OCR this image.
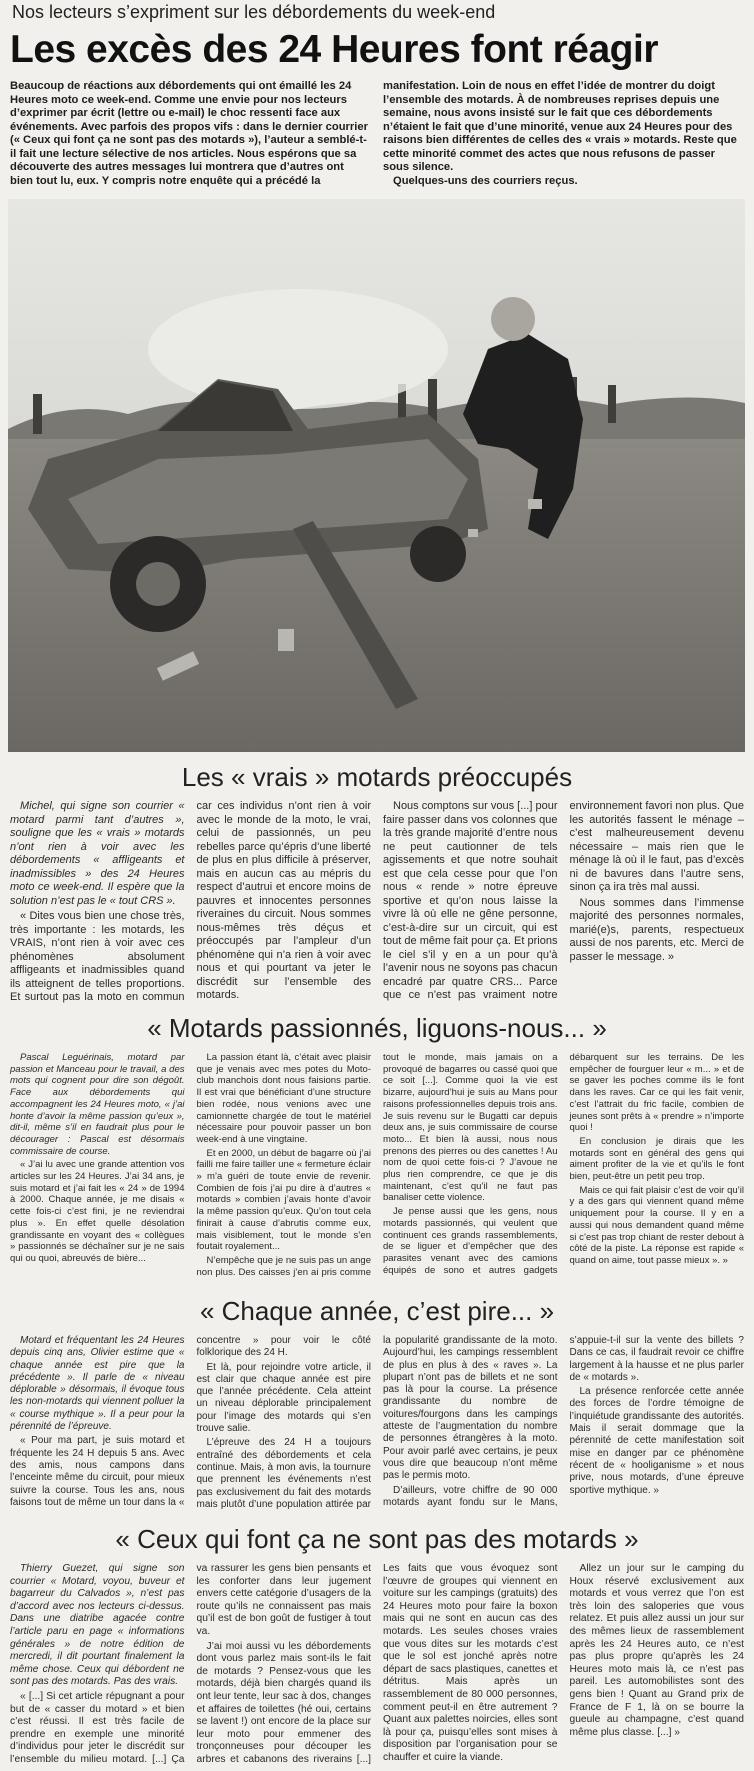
Nos lecteurs s’expriment sur les débordements du week-end
Les excès des 24 Heures font réagir

Beaucoup de réactions aux débordements qui ont émaillé les 24 Heures moto ce week-end. Comme une envie pour nos lecteurs d’exprimer par écrit (lettre ou e-mail) le choc ressenti face aux événements. Avec parfois des propos vifs : dans le dernier courrier (« Ceux qui font ça ne sont pas des motards »), l’auteur a semblé-t-il fait une lecture sélective de nos articles. Nous espérons que sa découverte des autres messages lui montrera que d’autres ont bien tout lu, eux. Y compris notre enquête qui a précédé la manifestation. Loin de nous en effet l’idée de montrer du doigt l’ensemble des motards. À de nombreuses reprises depuis une semaine, nous avons insisté sur le fait que ces débordements n’étaient le fait que d’une minorité, venue aux 24 Heures pour des raisons bien différentes de celles des « vrais » motards. Reste que cette minorité commet des actes que nous refusons de passer sous silence.

Quelques-uns des courriers reçus.

Les « vrais » motards préoccupés

Michel, qui signe son courrier « motard parmi tant d’autres », souligne que les « vrais » motards n’ont rien à voir avec les débordements « affligeants et inadmissibles » des 24 Heures moto ce week-end. Il espère que la solution n’est pas le « tout CRS ».

« Dites vous bien une chose très, très importante : les motards, les VRAIS, n’ont rien à voir avec ces phénomènes absolument affligeants et inadmissibles quand ils atteignent de telles proportions. Et surtout pas la moto en commun car ces individus n’ont rien à voir avec le monde de la moto, le vrai, celui de passionnés, un peu rebelles parce qu’épris d’une liberté de plus en plus difficile à préserver, mais en aucun cas au mépris du respect d’autrui et encore moins de pauvres et innocentes personnes riveraines du circuit. Nous sommes nous-mêmes très déçus et préoccupés par l’ampleur d’un phénomène qui n’a rien à voir avec nous et qui pourtant va jeter le discrédit sur l’ensemble des motards.

Nous comptons sur vous [...] pour faire passer dans vos colonnes que la très grande majorité d’entre nous ne peut cautionner de tels agissements et que notre souhait est que cela cesse pour que l’on nous « rende » notre épreuve sportive et qu’on nous laisse la vivre là où elle ne gêne personne, c’est-à-dire sur un circuit, qui est tout de même fait pour ça. Et prions le ciel s’il y en a un pour qu’à l’avenir nous ne soyons pas chacun encadré par quatre CRS... Parce que ce n’est pas vraiment notre environnement favori non plus. Que les autorités fassent le ménage – c’est malheureusement devenu nécessaire – mais rien que le ménage là où il le faut, pas d’excès ni de bavures dans l’autre sens, sinon ça ira très mal aussi.

Nous sommes dans l’immense majorité des personnes normales, marié(e)s, parents, respectueux aussi de nos parents, etc. Merci de passer le message. »

« Motards passionnés, liguons-nous... »

Pascal Leguérinais, motard par passion et Manceau pour le travail, a des mots qui cognent pour dire son dégoût. Face aux débordements qui accompagnent les 24 Heures moto, « j’ai honte d’avoir la même passion qu’eux », dit-il, même s’il en faudrait plus pour le décourager : Pascal est désormais commissaire de course.

« J’ai lu avec une grande attention vos articles sur les 24 Heures. J’ai 34 ans, je suis motard et j’ai fait les « 24 » de 1994 à 2000. Chaque année, je me disais « cette fois-ci c’est fini, je ne reviendrai plus ». En effet quelle désolation grandissante en voyant des « collègues » passionnés se déchaîner sur je ne sais qui ou quoi, abreuvés de bière...

La passion étant là, c’était avec plaisir que je venais avec mes potes du Moto-club manchois dont nous faisions partie. Il est vrai que bénéficiant d’une structure bien rodée, nous venions avec une camionnette chargée de tout le matériel nécessaire pour pouvoir passer un bon week-end à une vingtaine.

Et en 2000, un début de bagarre où j’ai failli me faire tailler une « fermeture éclair » m’a guéri de toute envie de revenir. Combien de fois j’ai pu dire à d’autres « motards » combien j’avais honte d’avoir la même passion qu’eux. Qu’on tout cela finirait à cause d’abrutis comme eux, mais visiblement, tout le monde s’en foutait royalement...

N’empêche que je ne suis pas un ange non plus. Des caisses j’en ai pris comme tout le monde, mais jamais on a provoqué de bagarres ou cassé quoi que ce soit [...]. Comme quoi la vie est bizarre, aujourd’hui je suis au Mans pour raisons professionnelles depuis trois ans. Je suis revenu sur le Bugatti car depuis deux ans, je suis commissaire de course moto... Et bien là aussi, nous nous prenons des pierres ou des canettes ! Au nom de quoi cette fois-ci ? J’avoue ne plus rien comprendre, ce que je dis maintenant, c’est qu’il ne faut pas banaliser cette violence.

Je pense aussi que les gens, nous motards passionnés, qui veulent que continuent ces grands rassemblements, de se liguer et d’empêcher que des parasites venant avec des camions équipés de sono et autres gadgets débarquent sur les terrains. De les empêcher de fourguer leur « m... » et de se gaver les poches comme ils le font dans les raves. Car ce qui les fait venir, c’est l’attrait du fric facile, combien de jeunes sont prêts à « prendre » n’importe quoi !

En conclusion je dirais que les motards sont en général des gens qui aiment profiter de la vie et qu’ils le font bien, peut-être un petit peu trop.

Mais ce qui fait plaisir c’est de voir qu’il y a des gars qui viennent quand même uniquement pour la course. Il y en a aussi qui nous demandent quand même si c’est pas trop chiant de rester debout à côté de la piste. La réponse est rapide « quand on aime, tout passe mieux ». »

« Chaque année, c’est pire... »

Motard et fréquentant les 24 Heures depuis cinq ans, Olivier estime que « chaque année est pire que la précédente ». Il parle de « niveau déplorable » désormais, il évoque tous les non-motards qui viennent polluer la « course mythique ». Il a peur pour la pérennité de l’épreuve.

« Pour ma part, je suis motard et fréquente les 24 H depuis 5 ans. Avec des amis, nous campons dans l’enceinte même du circuit, pour mieux suivre la course. Tous les ans, nous faisons tout de même un tour dans la « concentre » pour voir le côté folklorique des 24 H.

Et là, pour rejoindre votre article, il est clair que chaque année est pire que l’année précédente. Cela atteint un niveau déplorable principalement pour l’image des motards qui s’en trouve salie.

L’épreuve des 24 H a toujours entraîné des débordements et cela continue. Mais, à mon avis, la tournure que prennent les événements n’est pas exclusivement du fait des motards mais plutôt d’une population attirée par la popularité grandissante de la moto. Aujourd’hui, les campings ressemblent de plus en plus à des « raves ». La plupart n’ont pas de billets et ne sont pas là pour la course. La présence grandissante du nombre de voitures/fourgons dans les campings atteste de l’augmentation du nombre de personnes étrangères à la moto. Pour avoir parlé avec certains, je peux vous dire que beaucoup n’ont même pas le permis moto.

D’ailleurs, votre chiffre de 90 000 motards ayant fondu sur le Mans, s’appuie-t-il sur la vente des billets ? Dans ce cas, il faudrait revoir ce chiffre largement à la hausse et ne plus parler de « motards ».

La présence renforcée cette année des forces de l’ordre témoigne de l’inquiétude grandissante des autorités. Mais il serait dommage que la pérennité de cette manifestation soit mise en danger par ce phénomène récent de « hooliganisme » et nous prive, nous motards, d’une épreuve sportive mythique. »

« Ceux qui font ça ne sont pas des motards »

Thierry Guezet, qui signe son courrier « Motard, voyou, buveur et bagarreur du Calvados », n’est pas d’accord avec nos lecteurs ci-dessus. Dans une diatribe agacée contre l’article paru en page « informations générales » de notre édition de mercredi, il dit pourtant finalement la même chose. Ceux qui débordent ne sont pas des motards. Pas des vrais.

« [...] Si cet article répugnant a pour but de « casser du motard » et bien c’est réussi. Il est très facile de prendre en exemple une minorité d’individus pour jeter le discrédit sur l’ensemble du milieu motard. [...] Ça va rassurer les gens bien pensants et les conforter dans leur jugement envers cette catégorie d’usagers de la route qu’ils ne connaissent pas mais qu’il est de bon goût de fustiger à tout va.

J’ai moi aussi vu les débordements dont vous parlez mais sont-ils le fait de motards ? Pensez-vous que les motards, déjà bien chargés quand ils ont leur tente, leur sac à dos, changes et affaires de toilettes (hé oui, certains se lavent !) ont encore de la place sur leur moto pour emmener des tronçonneuses pour découper les arbres et cabanons des riverains [...] Les faits que vous évoquez sont l’œuvre de groupes qui viennent en voiture sur les campings (gratuits) des 24 Heures moto pour faire la boxon mais qui ne sont en aucun cas des motards. Les seules choses vraies que vous dites sur les motards c’est que le sol est jonché après notre départ de sacs plastiques, canettes et détritus. Mais après un rassemblement de 80 000 personnes, comment peut-il en être autrement ? Quant aux palettes noircies, elles sont là pour ça, puisqu’elles sont mises à disposition par l’organisation pour se chauffer et cuire la viande.

Allez un jour sur le camping du Houx réservé exclusivement aux motards et vous verrez que l’on est très loin des saloperies que vous relatez. Et puis allez aussi un jour sur des mêmes lieux de rassemblement après les 24 Heures auto, ce n’est pas plus propre qu’après les 24 Heures moto mais là, ce n’est pas pareil. Les automobilistes sont des gens bien ! Quant au Grand prix de France de F 1, là on se bourre la gueule au champagne, c’est quand même plus classe. [...] »
